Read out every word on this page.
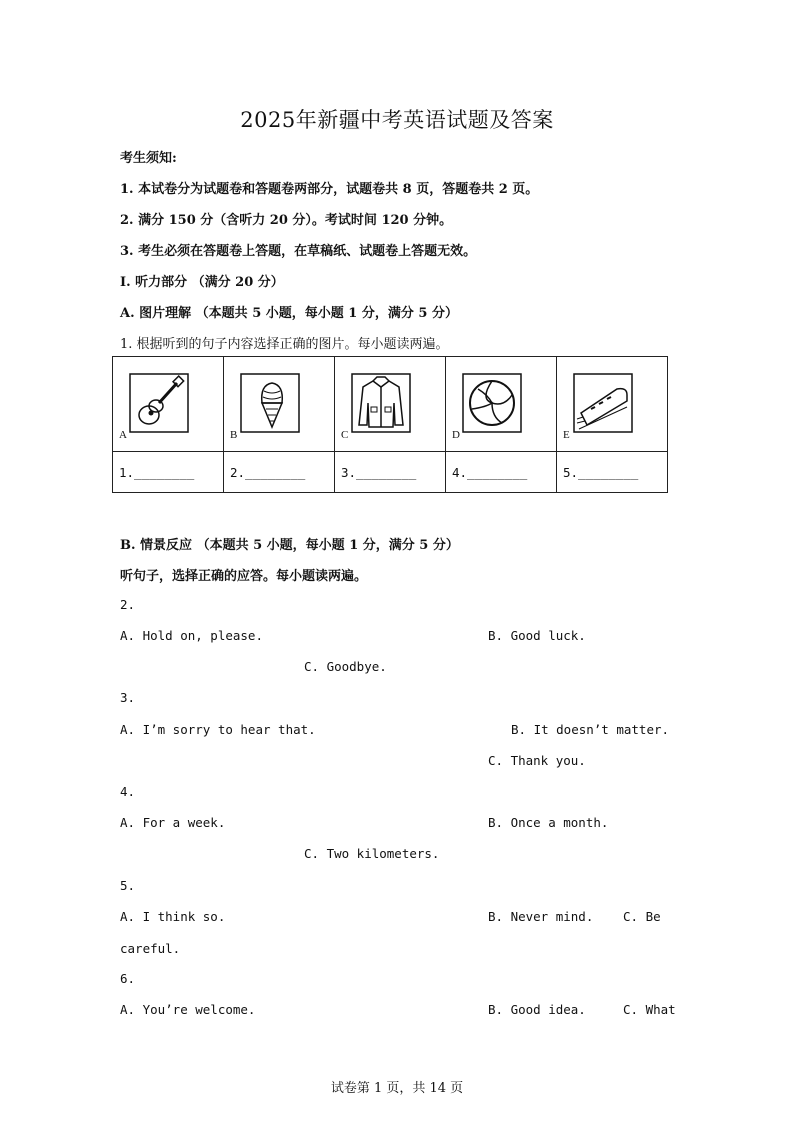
2025年新疆中考英语试题及答案
考生须知:
1. 本试卷分为试题卷和答题卷两部分，试题卷共 8 页，答题卷共 2 页。
2. 满分 150 分（含听力 20 分）。考试时间 120 分钟。
3. 考生必须在答题卷上答题，在草稿纸、试题卷上答题无效。
I. 听力部分 （满分 20 分）
A. 图片理解 （本题共 5 小题，每小题 1 分，满分 5 分）
1. 根据听到的句子内容选择正确的图片。每小题读两遍。
A	B	C	D	E

1.________	2.________	3.________	4.________	5.________
B. 情景反应 （本题共 5 小题，每小题 1 分，满分 5 分）
听句子，选择正确的应答。每小题读两遍。
2.
A. Hold on, please.	B. Good luck.
C. Goodbye.
3.
A. I’m sorry to hear that.	B. It doesn’t matter.
C. Thank you.
4.
A. For a week.	B. Once a month.
C. Two kilometers.
5.
A. I think so.	B. Never mind. C. Be
careful.
6.
A. You’re welcome.	B. Good idea.	C. What
试卷第 1 页，共 14 页
